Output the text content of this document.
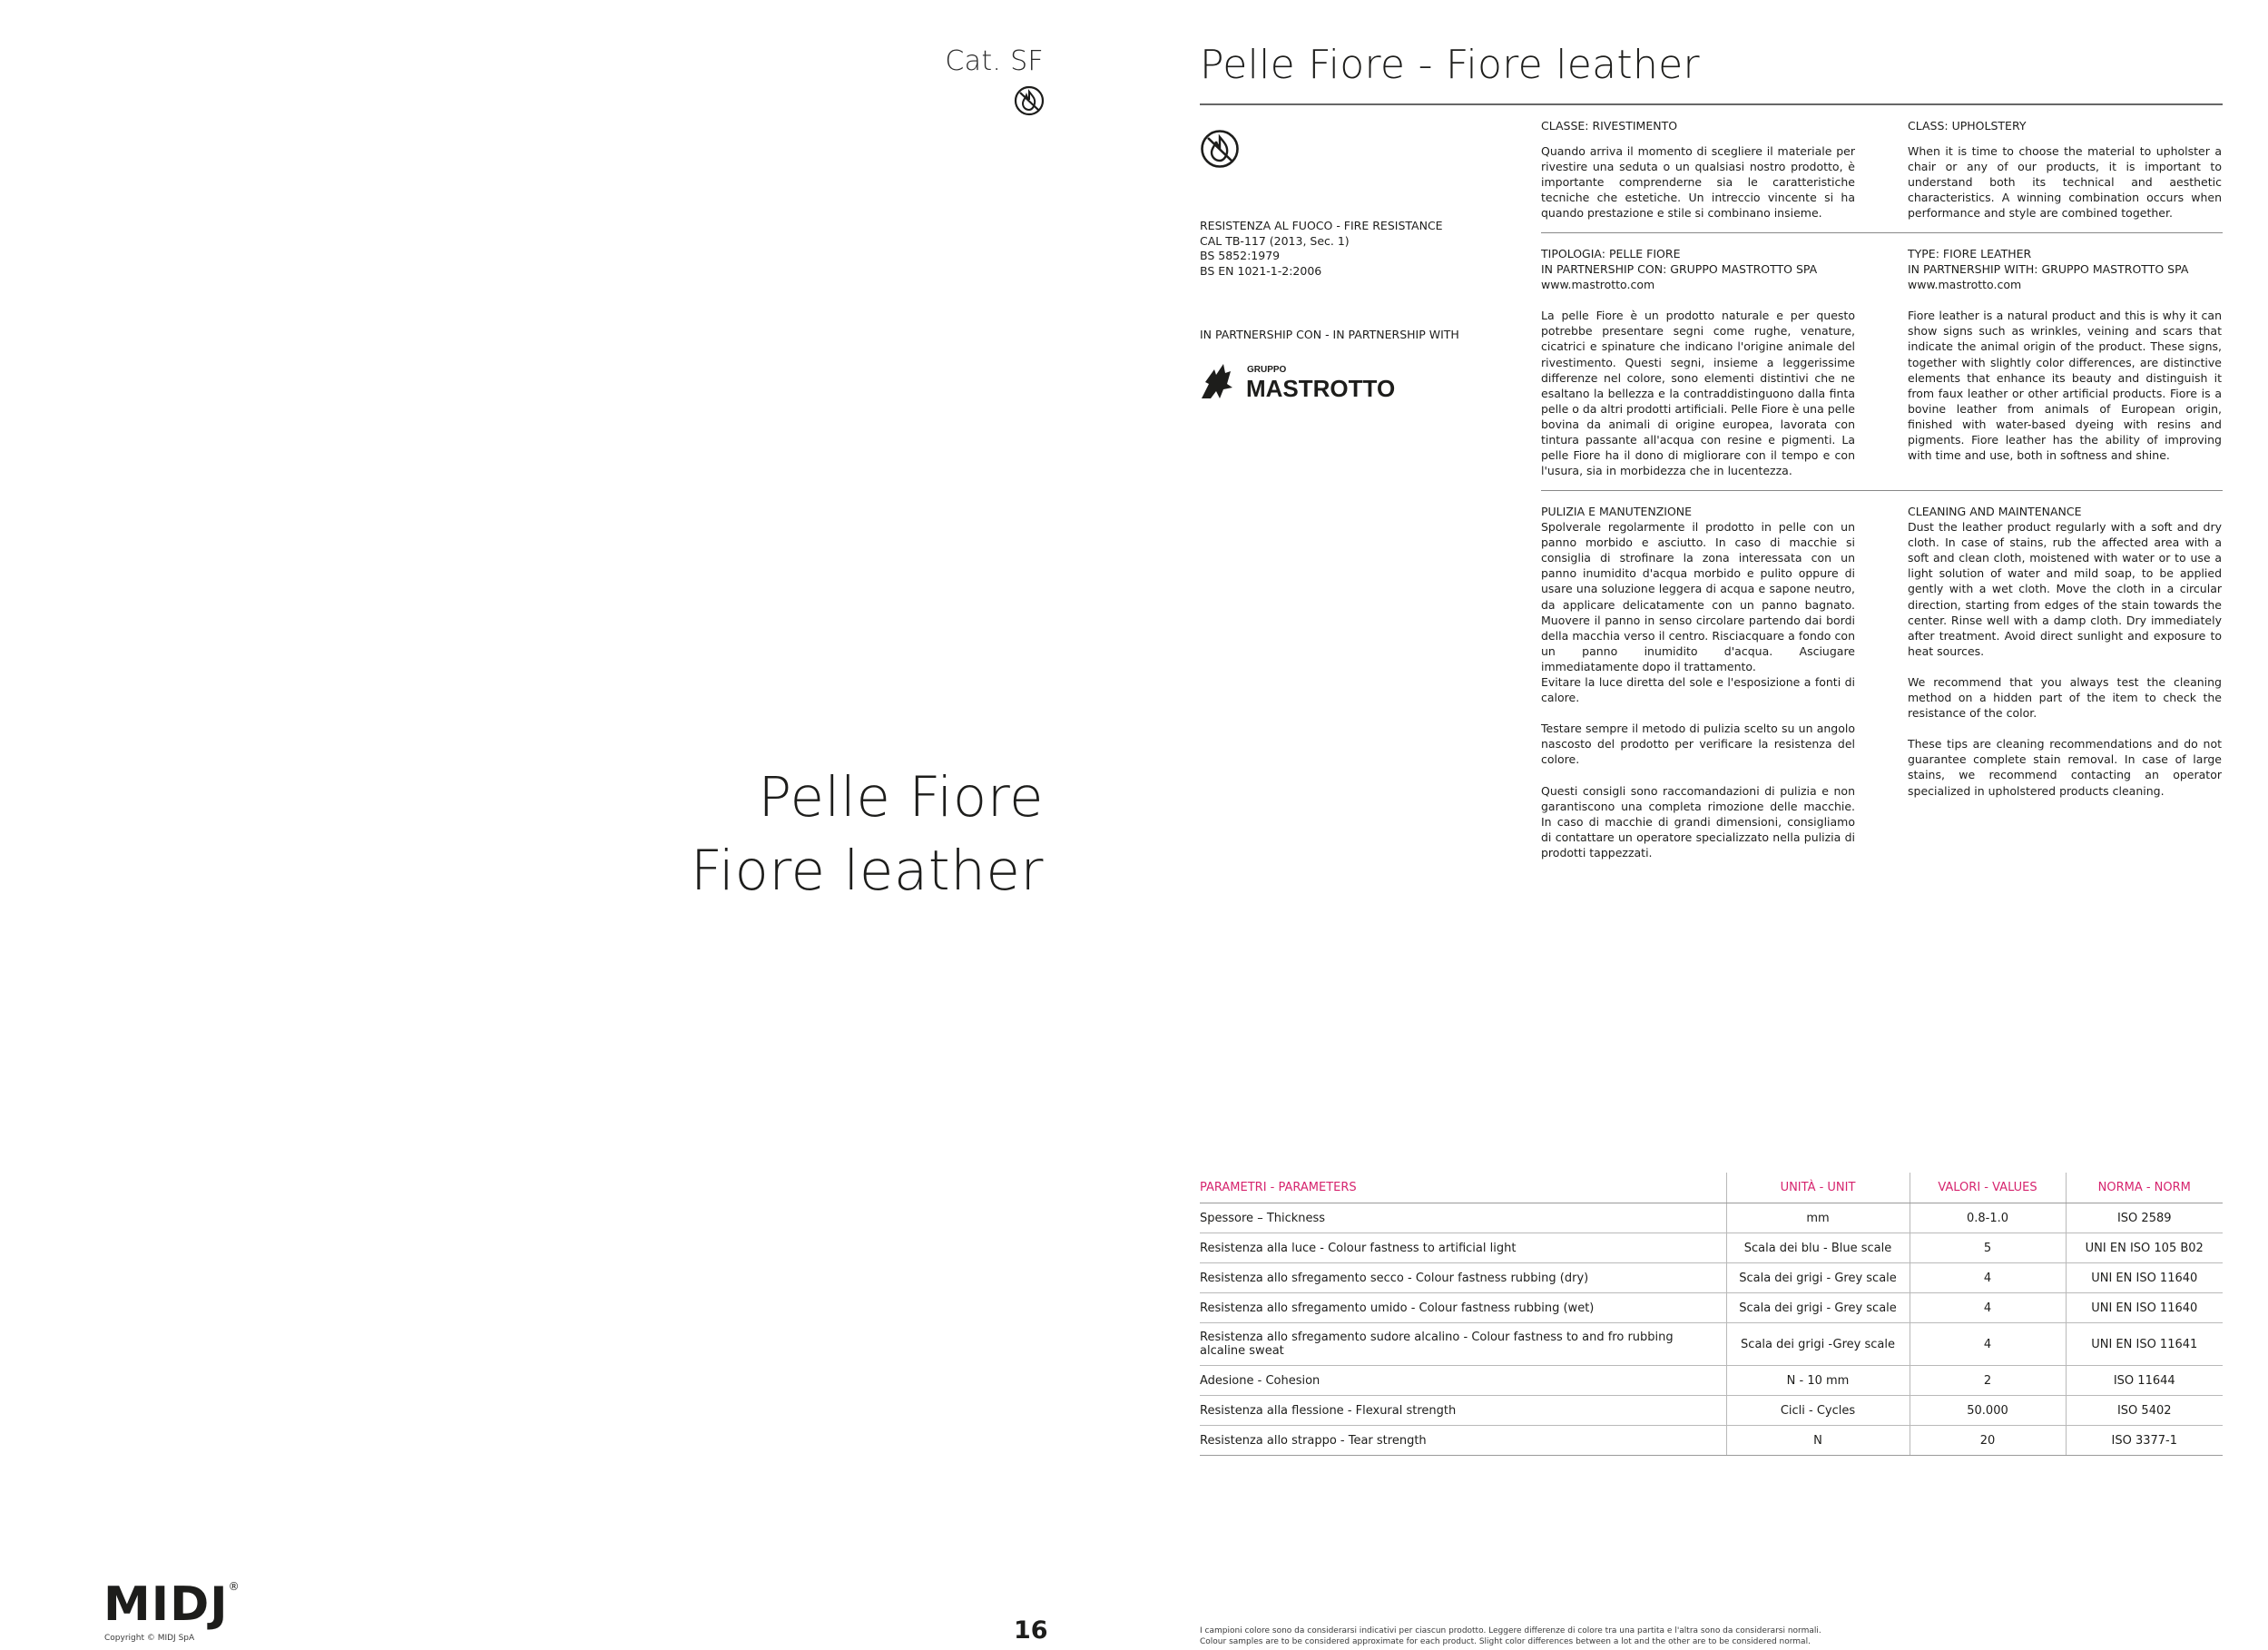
Cat. SF
Pelle Fiore
Fiore leather
MIDJ®
Copyright © MIDJ SpA	16
Pelle Fiore - Fiore leather
RESISTENZA AL FUOCO - FIRE RESISTANCE
CAL TB-117 (2013, Sec. 1)
BS 5852:1979
BS EN 1021-1-2:2006
IN PARTNERSHIP CON - IN PARTNERSHIP WITH
GRUPPO
MASTROTTO
CLASSE: RIVESTIMENTO

Quando arriva il momento di scegliere il materiale per rivestire una seduta o un qualsiasi nostro prodotto, è importante comprenderne sia le caratteristiche tecniche che estetiche. Un intreccio vincente si ha quando prestazione e stile si combinano insieme.

CLASS: UPHOLSTERY

When it is time to choose the material to upholster a chair or any of our products, it is important to understand both its technical and aesthetic characteristics. A winning combination occurs when performance and style are combined together.

TIPOLOGIA: PELLE FIORE
IN PARTNERSHIP CON: GRUPPO MASTROTTO SPA
www.mastrotto.com

La pelle Fiore è un prodotto naturale e per questo potrebbe presentare segni come rughe, venature, cicatrici e spinature che indicano l'origine animale del rivestimento. Questi segni, insieme a leggerissime differenze nel colore, sono elementi distintivi che ne esaltano la bellezza e la contraddistinguono dalla finta pelle o da altri prodotti artificiali. Pelle Fiore è una pelle bovina da animali di origine europea, lavorata con tintura passante all'acqua con resine e pigmenti. La pelle Fiore ha il dono di migliorare con il tempo e con l'usura, sia in morbidezza che in lucentezza.

TYPE: FIORE LEATHER
IN PARTNERSHIP WITH: GRUPPO MASTROTTO SPA
www.mastrotto.com

Fiore leather is a natural product and this is why it can show signs such as wrinkles, veining and scars that indicate the animal origin of the product. These signs, together with slightly color differences, are distinctive elements that enhance its beauty and distinguish it from faux leather or other artificial products. Fiore is a bovine leather from animals of European origin, finished with water-based dyeing with resins and pigments. Fiore leather has the ability of improving with time and use, both in softness and shine.

PULIZIA E MANUTENZIONE

Spolverale regolarmente il prodotto in pelle con un panno morbido e asciutto. In caso di macchie si consiglia di strofinare la zona interessata con un panno inumidito d'acqua morbido e pulito oppure di usare una soluzione leggera di acqua e sapone neutro, da applicare delicatamente con un panno bagnato. Muovere il panno in senso circolare partendo dai bordi della macchia verso il centro. Risciacquare a fondo con un panno inumidito d'acqua. Asciugare immediatamente dopo il trattamento.

Evitare la luce diretta del sole e l'esposizione a fonti di calore.

Testare sempre il metodo di pulizia scelto su un angolo nascosto del prodotto per verificare la resistenza del colore.

Questi consigli sono raccomandazioni di pulizia e non garantiscono una completa rimozione delle macchie. In caso di macchie di grandi dimensioni, consigliamo di contattare un operatore specializzato nella pulizia di prodotti tappezzati.

CLEANING AND MAINTENANCE

Dust the leather product regularly with a soft and dry cloth. In case of stains, rub the affected area with a soft and clean cloth, moistened with water or to use a light solution of water and mild soap, to be applied gently with a wet cloth. Move the cloth in a circular direction, starting from edges of the stain towards the center. Rinse well with a damp cloth. Dry immediately after treatment. Avoid direct sunlight and exposure to heat sources.

We recommend that you always test the cleaning method on a hidden part of the item to check the resistance of the color.

These tips are cleaning recommendations and do not guarantee complete stain removal. In case of large stains, we recommend contacting an operator specialized in upholstered products cleaning.

PARAMETRI - PARAMETERS	UNITÀ - UNIT	VALORI - VALUES	NORMA - NORM
Spessore – Thickness	mm	0.8-1.0	ISO 2589
Resistenza alla luce - Colour fastness to artificial light	Scala dei blu - Blue scale	5	UNI EN ISO 105 B02
Resistenza allo sfregamento secco - Colour fastness rubbing (dry)	Scala dei grigi - Grey scale	4	UNI EN ISO 11640
Resistenza allo sfregamento umido - Colour fastness rubbing (wet)	Scala dei grigi - Grey scale	4	UNI EN ISO 11640
Resistenza allo sfregamento sudore alcalino - Colour fastness to and fro rubbing alcaline sweat	Scala dei grigi -Grey scale	4	UNI EN ISO 11641
Adesione - Cohesion	N - 10 mm	2	ISO 11644
Resistenza alla flessione - Flexural strength	Cicli - Cycles	50.000	ISO 5402
Resistenza allo strappo - Tear strength	N	20	ISO 3377-1
I campioni colore sono da considerarsi indicativi per ciascun prodotto. Leggere differenze di colore tra una partita e l'altra sono da considerarsi normali.
Colour samples are to be considered approximate for each product. Slight color differences between a lot and the other are to be considered normal.
